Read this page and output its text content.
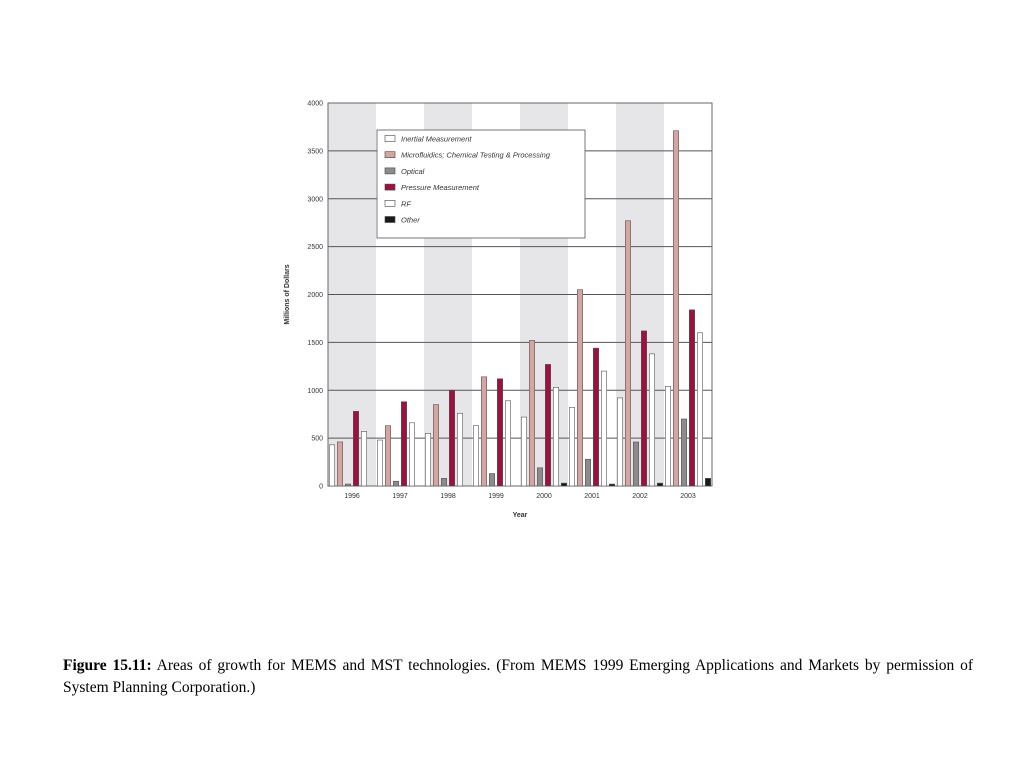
0
500
1000
1500
2000
2500
3000
3500
4000
1996	1997	1998	1999	2000	2001	2002	2003
Year
Millions of Dollars
Inertial Measurement
Microfluidics; Chemical Testing & Processing
Optical
Pressure Measurement
RF
Other
Figure 15.11: Areas of growth for MEMS and MST technologies. (From MEMS 1999 Emerging Applications and Markets by permission of System Planning Corporation.)
